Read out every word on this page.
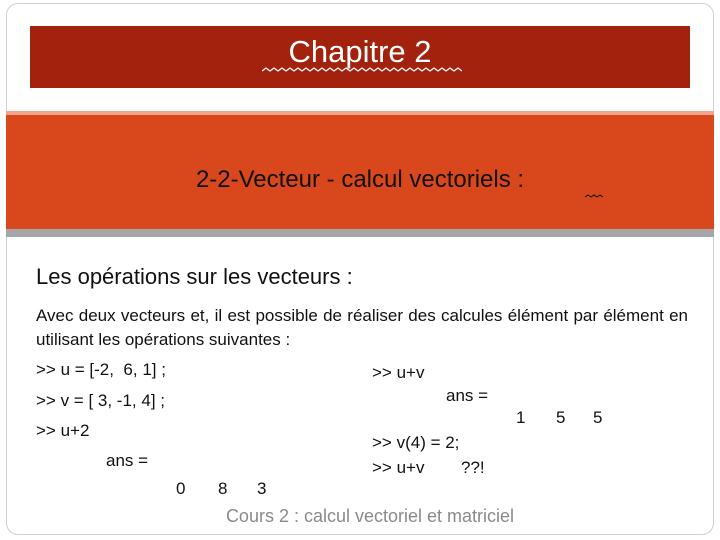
Chapitre 2
2-2-Vecteur - calcul vectoriels :
Les opérations sur les vecteurs :
Avec deux vecteurs et, il est possible de réaliser des calcules élément par élément en utilisant les opérations suivantes :
>> u = [-2,  6, 1] ;
>> v = [ 3, -1, 4] ;
>> u+2
ans =
0 8 3
>> u+v
ans =
1 5 5
>> v(4) = 2;
>> u+v ??!
Cours 2 : calcul vectoriel et matriciel
